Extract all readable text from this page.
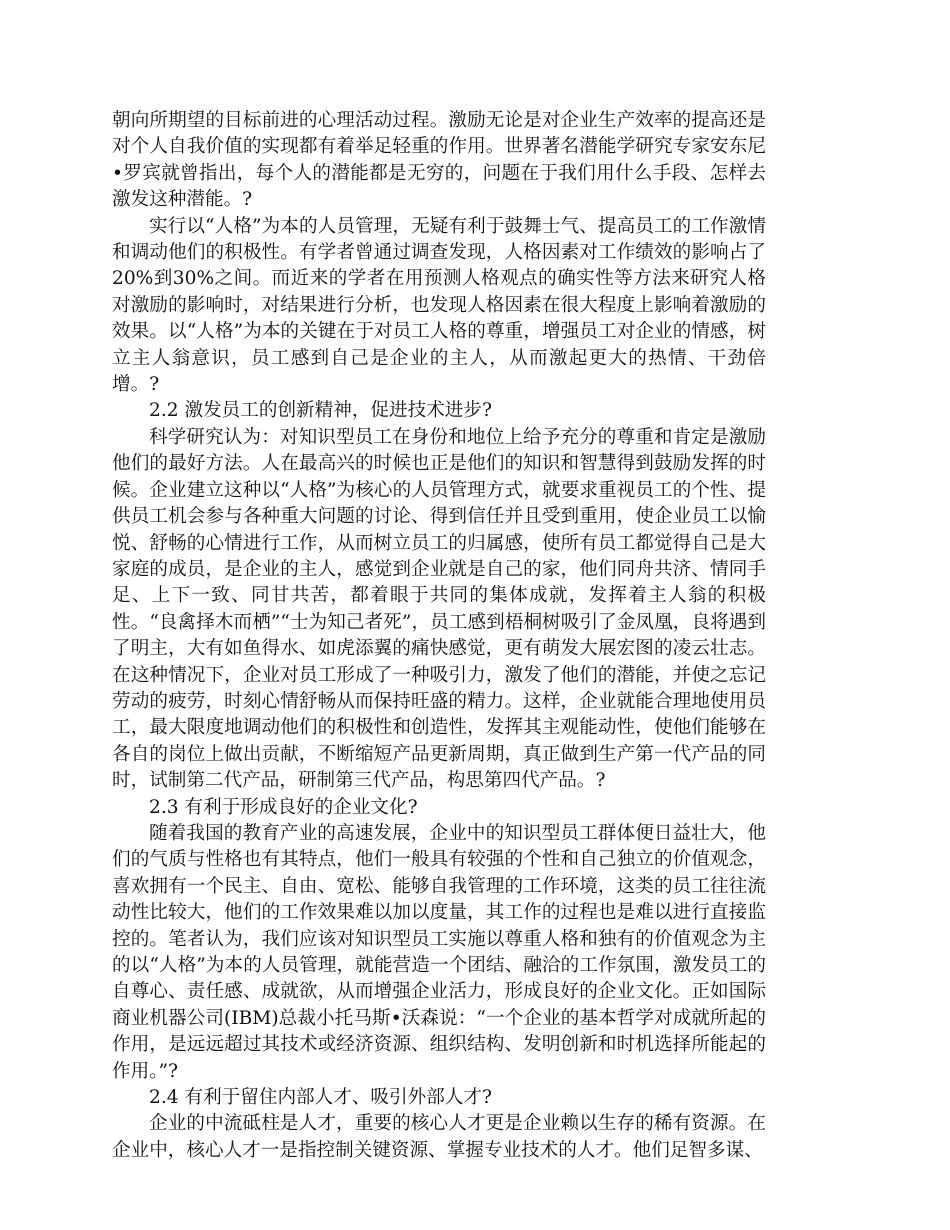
朝向所期望的目标前进的心理活动过程。激励无论是对企业生产效率的提高还是对个人自我价值的实现都有着举足轻重的作用。世界著名潜能学研究专家安东尼•罗宾就曾指出，每个人的潜能都是无穷的，问题在于我们用什么手段、怎样去激发这种潜能。?

实行以“人格”为本的人员管理，无疑有利于鼓舞士气、提高员工的工作激情和调动他们的积极性。有学者曾通过调查发现，人格因素对工作绩效的影响占了20%到30%之间。而近来的学者在用预测人格观点的确实性等方法来研究人格对激励的影响时，对结果进行分析，也发现人格因素在很大程度上影响着激励的效果。以“人格”为本的关键在于对员工人格的尊重，增强员工对企业的情感，树立主人翁意识，员工感到自己是企业的主人，从而激起更大的热情、干劲倍增。?

2.2 激发员工的创新精神，促进技术进步?

科学研究认为：对知识型员工在身份和地位上给予充分的尊重和肯定是激励他们的最好方法。人在最高兴的时候也正是他们的知识和智慧得到鼓励发挥的时候。企业建立这种以“人格”为核心的人员管理方式，就要求重视员工的个性、提供员工机会参与各种重大问题的讨论、得到信任并且受到重用，使企业员工以愉悦、舒畅的心情进行工作，从而树立员工的归属感，使所有员工都觉得自己是大家庭的成员，是企业的主人，感觉到企业就是自己的家，他们同舟共济、情同手足、上下一致、同甘共苦，都着眼于共同的集体成就，发挥着主人翁的积极性。“良禽择木而栖”“士为知己者死”，员工感到梧桐树吸引了金凤凰，良将遇到了明主，大有如鱼得水、如虎添翼的痛快感觉，更有萌发大展宏图的凌云壮志。在这种情况下，企业对员工形成了一种吸引力，激发了他们的潜能，并使之忘记劳动的疲劳，时刻心情舒畅从而保持旺盛的精力。这样，企业就能合理地使用员工，最大限度地调动他们的积极性和创造性，发挥其主观能动性，使他们能够在各自的岗位上做出贡献，不断缩短产品更新周期，真正做到生产第一代产品的同时，试制第二代产品，研制第三代产品，构思第四代产品。?

2.3 有利于形成良好的企业文化?

随着我国的教育产业的高速发展，企业中的知识型员工群体便日益壮大，他们的气质与性格也有其特点，他们一般具有较强的个性和自己独立的价值观念，喜欢拥有一个民主、自由、宽松、能够自我管理的工作环境，这类的员工往往流动性比较大，他们的工作效果难以加以度量，其工作的过程也是难以进行直接监控的。笔者认为，我们应该对知识型员工实施以尊重人格和独有的价值观念为主的以“人格”为本的人员管理，就能营造一个团结、融洽的工作氛围，激发员工的自尊心、责任感、成就欲，从而增强企业活力，形成良好的企业文化。正如国际商业机器公司(IBM)总裁小托马斯•沃森说：“一个企业的基本哲学对成就所起的作用，是远远超过其技术或经济资源、组织结构、发明创新和时机选择所能起的作用。”?

2.4 有利于留住内部人才、吸引外部人才?

企业的中流砥柱是人才，重要的核心人才更是企业赖以生存的稀有资源。在企业中，核心人才一是指控制关键资源、掌握专业技术的人才。他们足智多谋、
